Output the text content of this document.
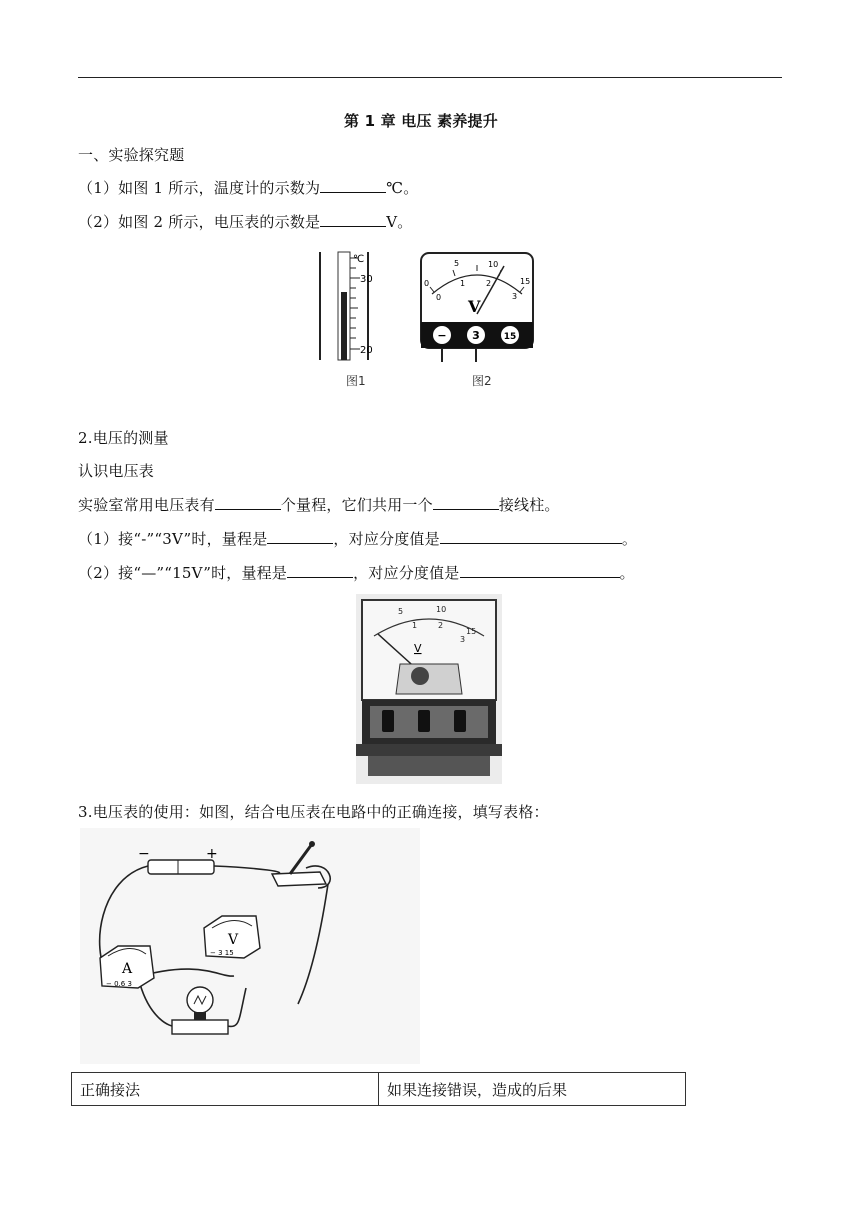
第 1 章 电压 素养提升
一、实验探究题
（1）如图 1 所示，温度计的示数为	℃。
（2）如图 2 所示，电压表的示数是	V。
℃
30
20
图1
0
5	10
15
0
1	2
3
V
− 3	15
图2
2.电压的测量
认识电压表
实验室常用电压表有	个量程，它们共用一个	接线柱。
（1）接“-”“3V”时，量程是	，对应分度值是	。
（2）接“—”“15V”时，量程是	，对应分度值是	。
5	10
15
1	2
3
V
3.电压表的使用：如图，结合电压表在电路中的正确连接，填写表格：
−	+
A
− 0.6 3
V
− 3 15
正确接法	如果连接错误，造成的后果
